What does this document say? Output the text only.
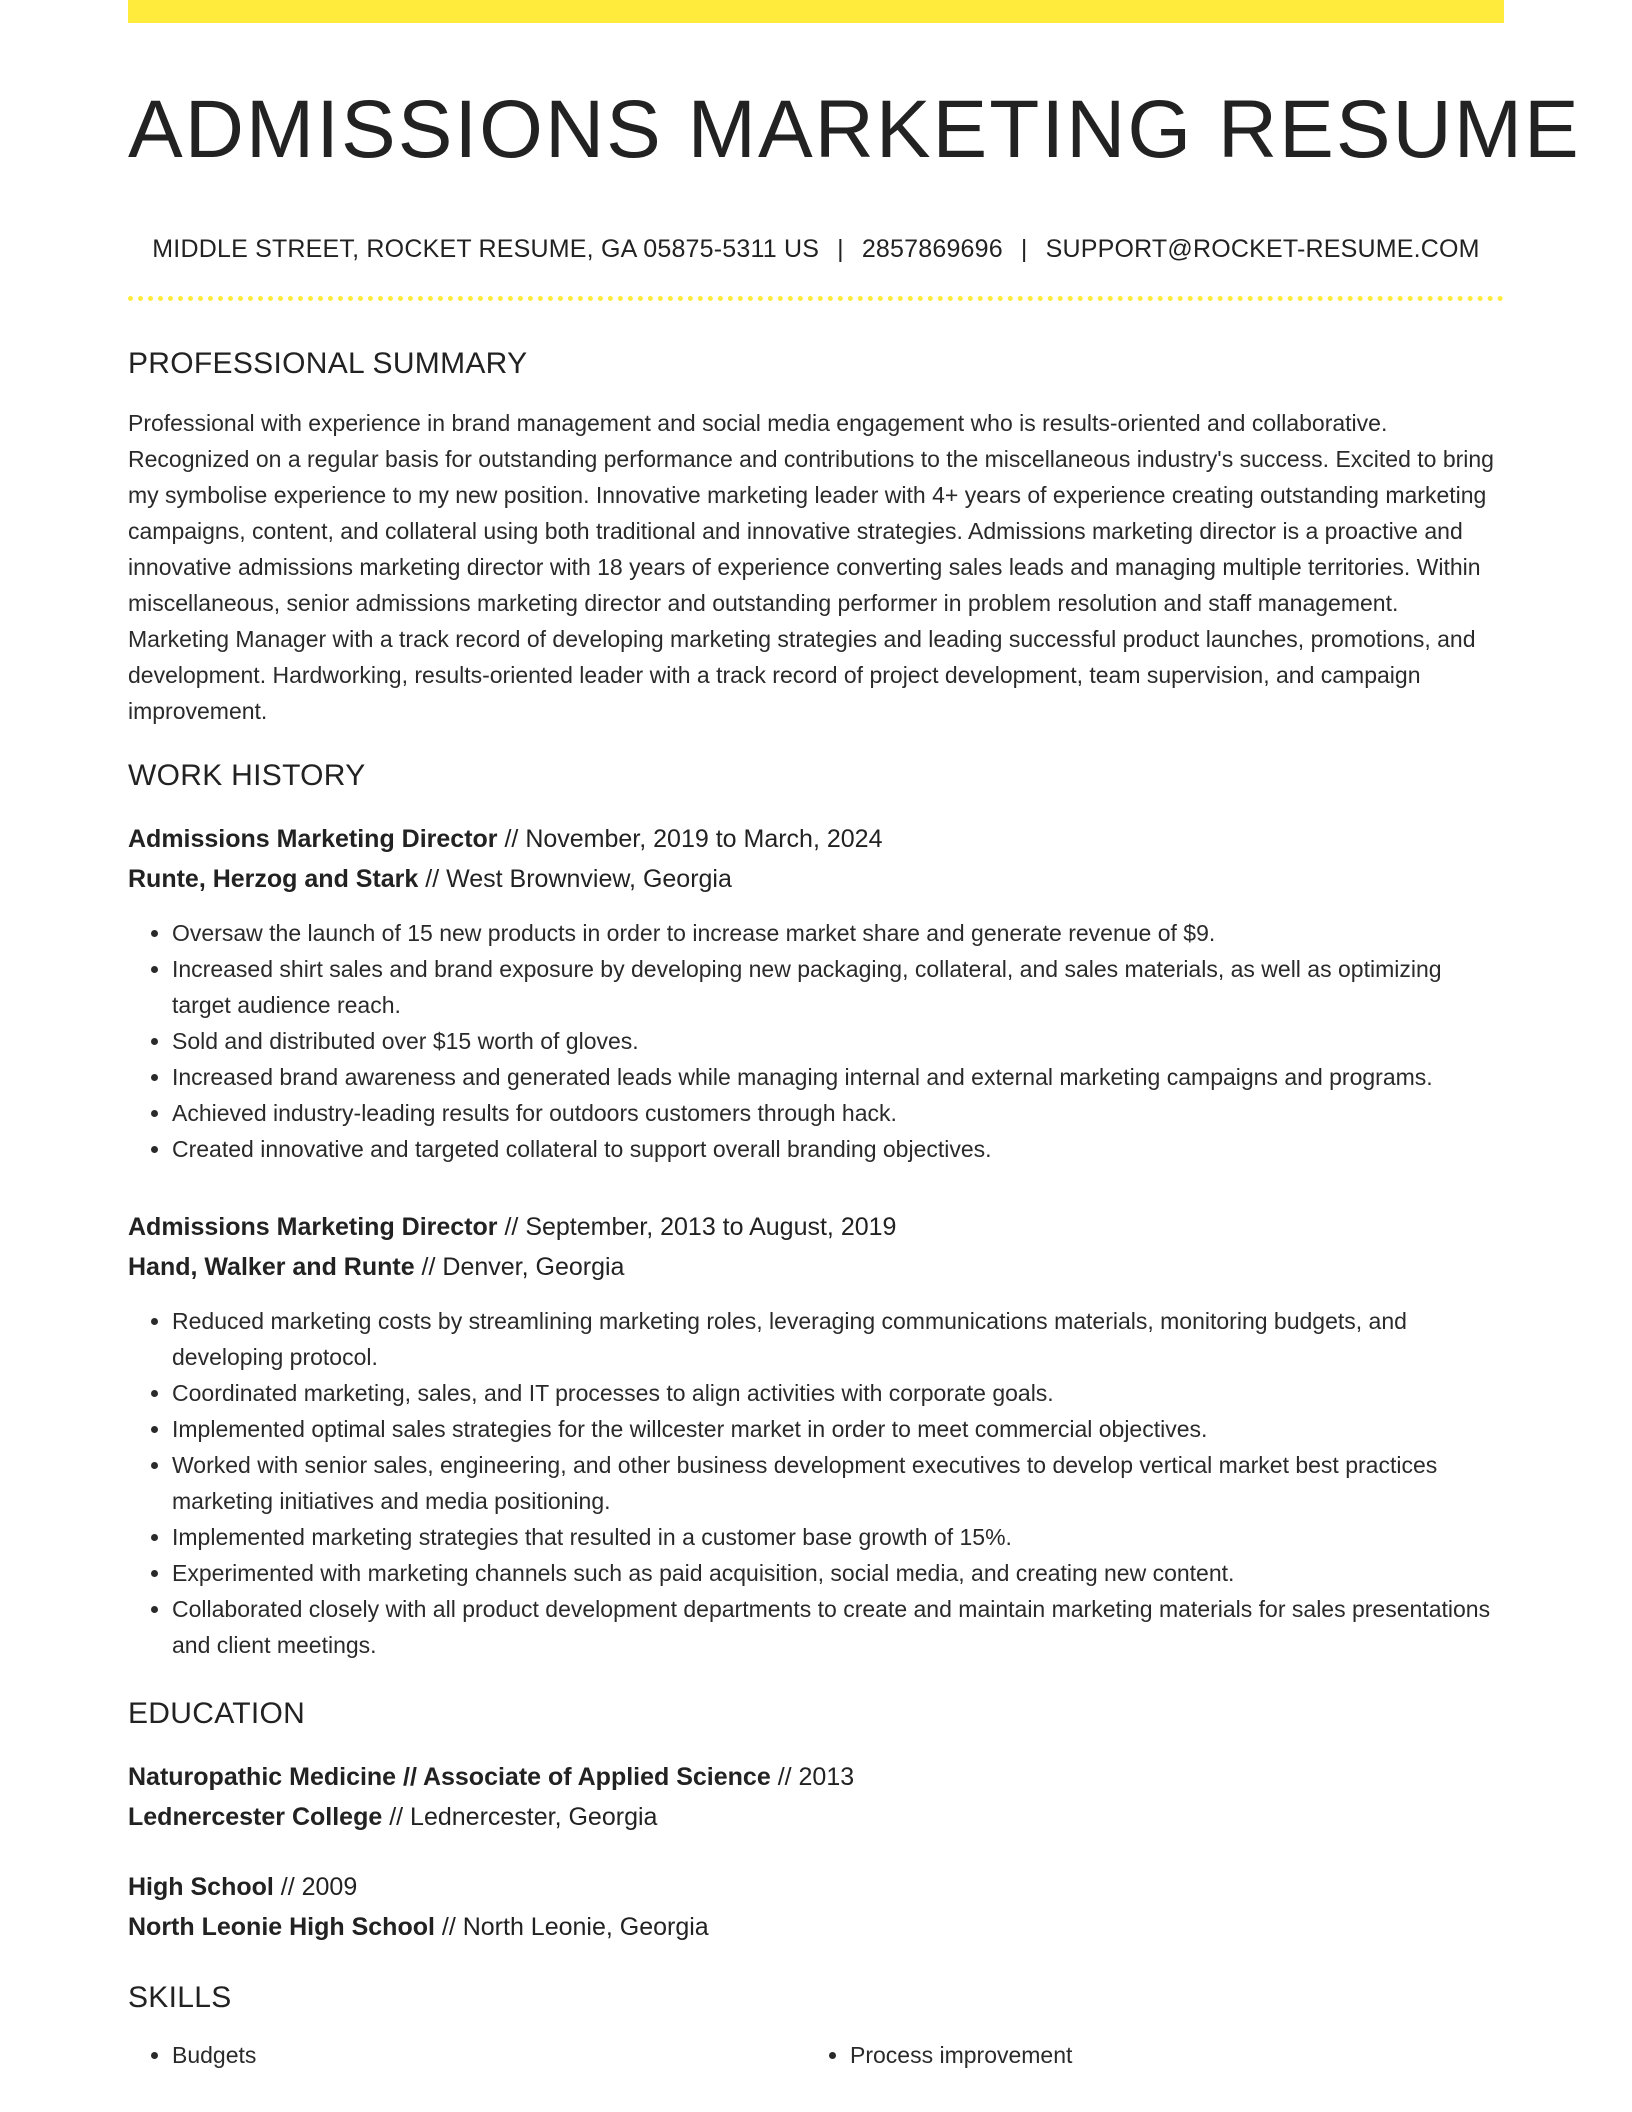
ADMISSIONS MARKETING RESUME
MIDDLE STREET, ROCKET RESUME, GA 05875-5311 US | 2857869696 | SUPPORT@ROCKET-RESUME.COM
PROFESSIONAL SUMMARY

Professional with experience in brand management and social media engagement who is results-oriented and collaborative. Recognized on a regular basis for outstanding performance and contributions to the miscellaneous industry's success. Excited to bring my symbolise experience to my new position. Innovative marketing leader with 4+ years of experience creating outstanding marketing campaigns, content, and collateral using both traditional and innovative strategies. Admissions marketing director is a proactive and innovative admissions marketing director with 18 years of experience converting sales leads and managing multiple territories. Within miscellaneous, senior admissions marketing director and outstanding performer in problem resolution and staff management. Marketing Manager with a track record of developing marketing strategies and leading successful product launches, promotions, and development. Hardworking, results-oriented leader with a track record of project development, team supervision, and campaign improvement.

WORK HISTORY
Admissions Marketing Director // November, 2019 to March, 2024
Runte, Herzog and Stark // West Brownview, Georgia
• Oversaw the launch of 15 new products in order to increase market share and generate revenue of $9.
• Increased shirt sales and brand exposure by developing new packaging, collateral, and sales materials, as well as optimizing target audience reach.
• Sold and distributed over $15 worth of gloves.
• Increased brand awareness and generated leads while managing internal and external marketing campaigns and programs.
• Achieved industry-leading results for outdoors customers through hack.
• Created innovative and targeted collateral to support overall branding objectives.
Admissions Marketing Director // September, 2013 to August, 2019
Hand, Walker and Runte // Denver, Georgia
• Reduced marketing costs by streamlining marketing roles, leveraging communications materials, monitoring budgets, and developing protocol.
• Coordinated marketing, sales, and IT processes to align activities with corporate goals.
• Implemented optimal sales strategies for the willcester market in order to meet commercial objectives.
• Worked with senior sales, engineering, and other business development executives to develop vertical market best practices marketing initiatives and media positioning.
• Implemented marketing strategies that resulted in a customer base growth of 15%.
• Experimented with marketing channels such as paid acquisition, social media, and creating new content.
• Collaborated closely with all product development departments to create and maintain marketing materials for sales presentations and client meetings.
EDUCATION
Naturopathic Medicine // Associate of Applied Science // 2013
Lednercester College // Lednercester, Georgia
High School // 2009
North Leonie High School // North Leonie, Georgia
SKILLS
• Budgets
•	Process improvement
